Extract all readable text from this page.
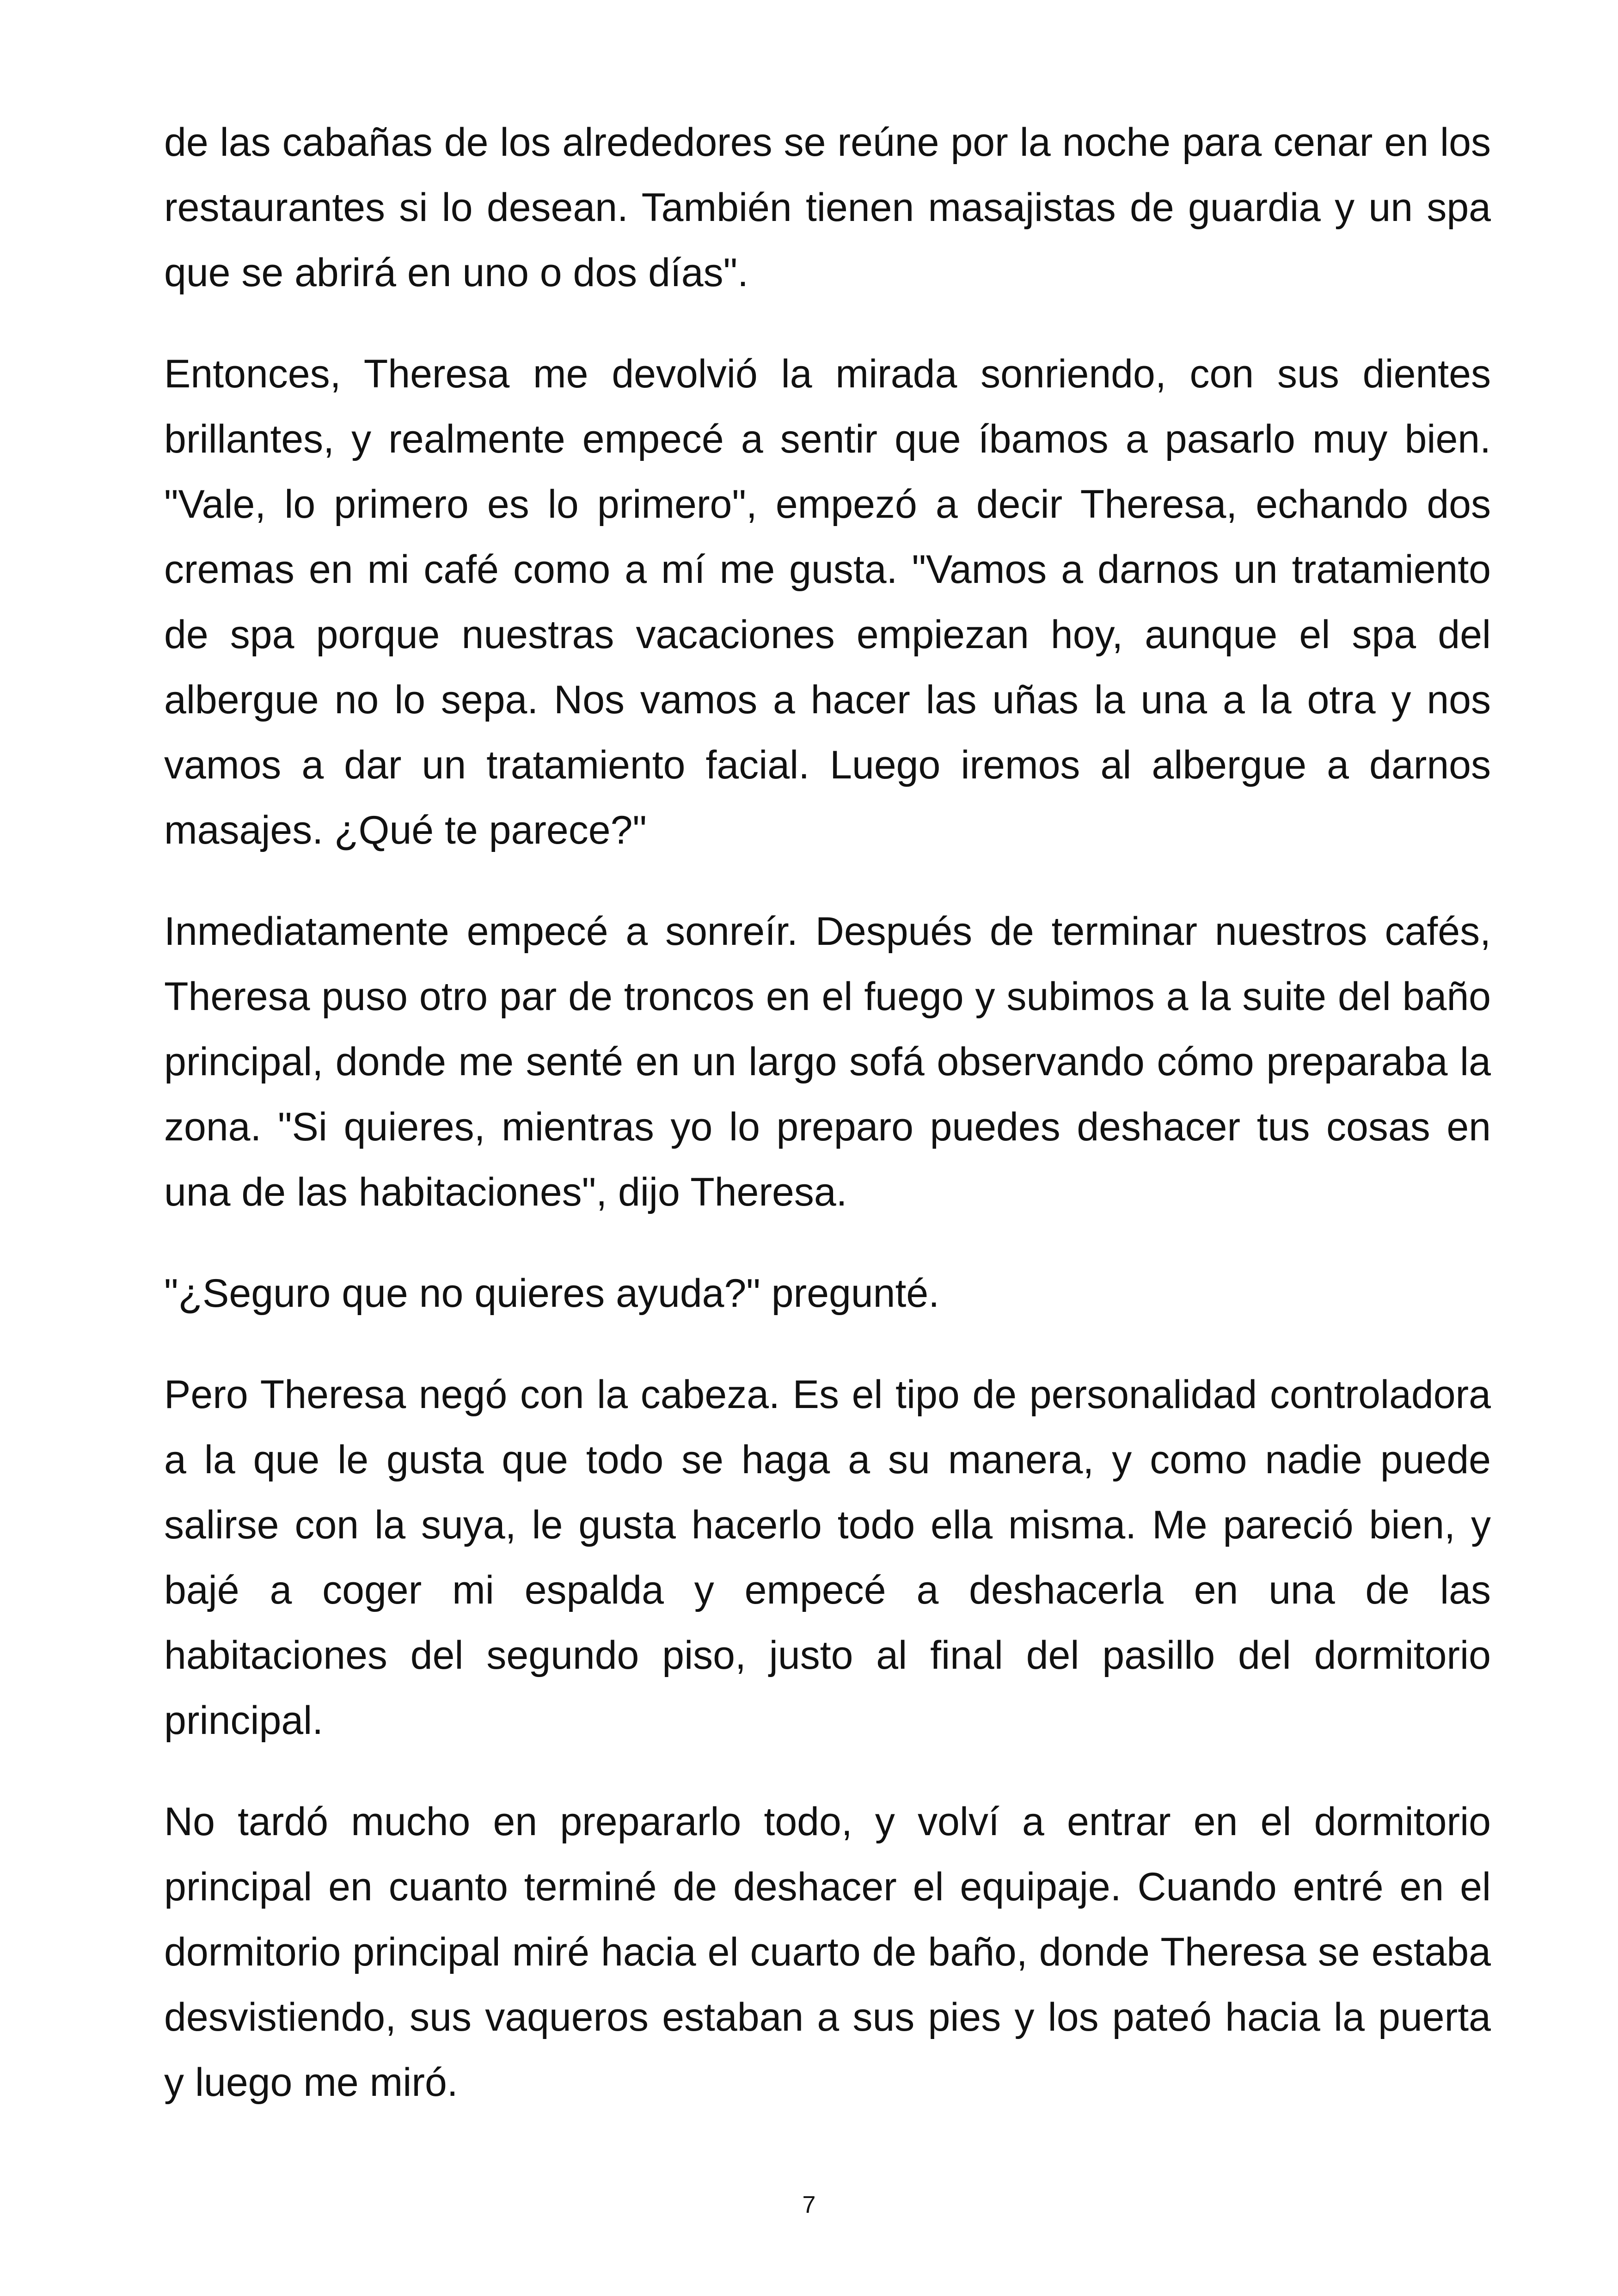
de las cabañas de los alrededores se reúne por la noche para cenar en los restaurantes si lo desean. También tienen masajistas de guardia y un spa que se abrirá en uno o dos días".

Entonces, Theresa me devolvió la mirada sonriendo, con sus dientes brillantes, y realmente empecé a sentir que íbamos a pasarlo muy bien. "Vale, lo primero es lo primero", empezó a decir Theresa, echando dos cremas en mi café como a mí me gusta. "Vamos a darnos un tratamiento de spa porque nuestras vacaciones empiezan hoy, aunque el spa del albergue no lo sepa. Nos vamos a hacer las uñas la una a la otra y nos vamos a dar un tratamiento facial. Luego iremos al albergue a darnos masajes. ¿Qué te parece?"

Inmediatamente empecé a sonreír. Después de terminar nuestros cafés, Theresa puso otro par de troncos en el fuego y subimos a la suite del baño principal, donde me senté en un largo sofá observando cómo preparaba la zona. "Si quieres, mientras yo lo preparo puedes deshacer tus cosas en una de las habitaciones", dijo Theresa.

"¿Seguro que no quieres ayuda?" pregunté.

Pero Theresa negó con la cabeza. Es el tipo de personalidad controladora a la que le gusta que todo se haga a su manera, y como nadie puede salirse con la suya, le gusta hacerlo todo ella misma. Me pareció bien, y bajé a coger mi espalda y empecé a deshacerla en una de las habitaciones del segundo piso, justo al final del pasillo del dormitorio principal.

No tardó mucho en prepararlo todo, y volví a entrar en el dormitorio principal en cuanto terminé de deshacer el equipaje. Cuando entré en el dormitorio principal miré hacia el cuarto de baño, donde Theresa se estaba desvistiendo, sus vaqueros estaban a sus pies y los pateó hacia la puerta y luego me miró.

7
